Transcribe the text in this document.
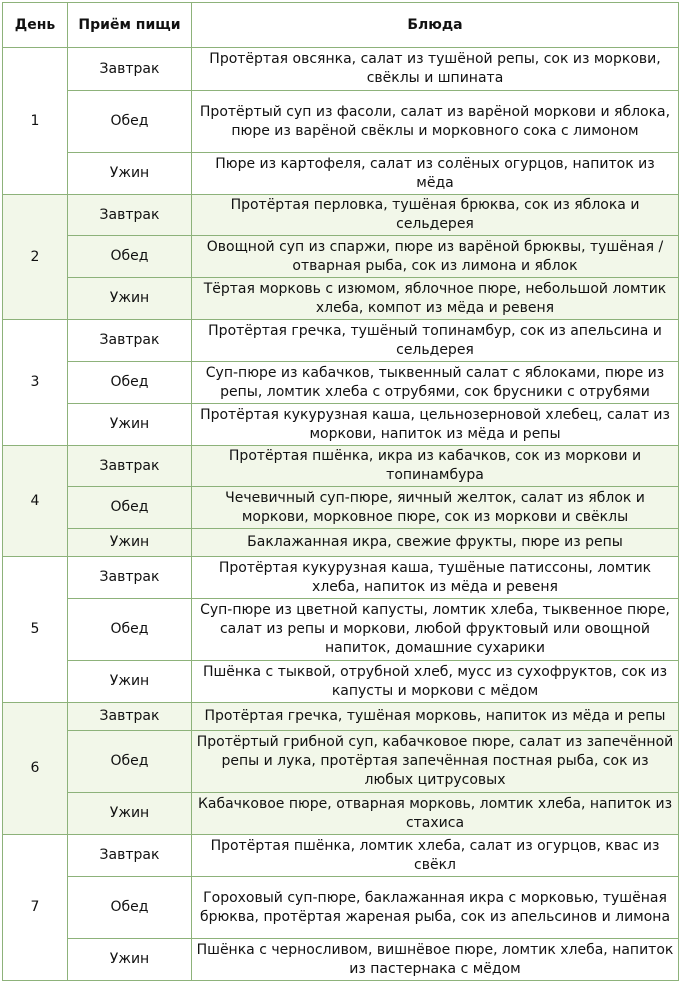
День	Приём пищи	Блюда
1	Завтрак	Протёртая овсянка, салат из тушёной репы, сок из моркови, свёклы и шпината
	Обед	Протёртый суп из фасоли, салат из варёной моркови и яблока, пюре из варёной свёклы и морковного сока с лимоном
	Ужин	Пюре из картофеля, салат из солёных огурцов, напиток из мёда
2	Завтрак	Протёртая перловка, тушёная брюква, сок из яблока и сельдерея
	Обед	Овощной суп из спаржи, пюре из варёной брюквы, тушёная / отварная рыба, сок из лимона и яблок
	Ужин	Тёртая морковь с изюмом, яблочное пюре, небольшой ломтик хлеба, компот из мёда и ревеня
3	Завтрак	Протёртая гречка, тушёный топинамбур, сок из апельсина и сельдерея
	Обед	Суп-пюре из кабачков, тыквенный салат с яблоками, пюре из репы, ломтик хлеба с отрубями, сок брусники с отрубями
	Ужин	Протёртая кукурузная каша, цельнозерновой хлебец, салат из моркови, напиток из мёда и репы
4	Завтрак	Протёртая пшёнка, икра из кабачков, сок из моркови и топинамбура
	Обед	Чечевичный суп-пюре, яичный желток, салат из яблок и моркови, морковное пюре, сок из моркови и свёклы
	Ужин	Баклажанная икра, свежие фрукты, пюре из репы
5	Завтрак	Протёртая кукурузная каша, тушёные патиссоны, ломтик хлеба, напиток из мёда и ревеня
	Обед	Суп-пюре из цветной капусты, ломтик хлеба, тыквенное пюре, салат из репы и моркови, любой фруктовый или овощной напиток, домашние сухарики
	Ужин	Пшёнка с тыквой, отрубной хлеб, мусс из сухофруктов, сок из капусты и моркови с мёдом
6	Завтрак	Протёртая гречка, тушёная морковь, напиток из мёда и репы
	Обед	Протёртый грибной суп, кабачковое пюре, салат из запечённой репы и лука, протёртая запечённая постная рыба, сок из любых цитрусовых
	Ужин	Кабачковое пюре, отварная морковь, ломтик хлеба, напиток из стахиса
7	Завтрак	Протёртая пшёнка, ломтик хлеба, салат из огурцов, квас из свёкл
	Обед	Гороховый суп-пюре, баклажанная икра с морковью, тушёная брюква, протёртая жареная рыба, сок из апельсинов и лимона
	Ужин	Пшёнка с черносливом, вишнёвое пюре, ломтик хлеба, напиток из пастернака с мёдом
